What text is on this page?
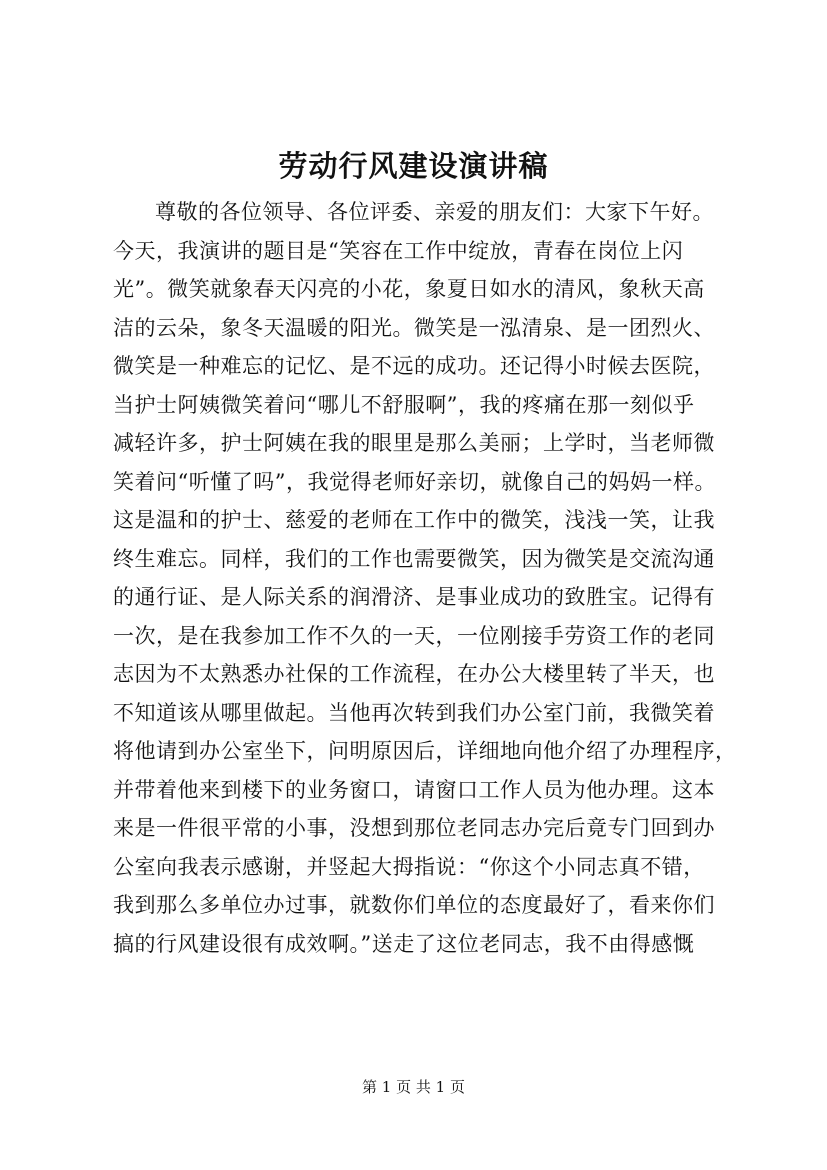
劳动行风建设演讲稿
尊敬的各位领导、各位评委、亲爱的朋友们：大家下午好。
今天，我演讲的题目是“笑容在工作中绽放，青春在岗位上闪
光”。微笑就象春天闪亮的小花，象夏日如水的清风，象秋天高
洁的云朵，象冬天温暖的阳光。微笑是一泓清泉、是一团烈火、
微笑是一种难忘的记忆、是不远的成功。还记得小时候去医院，
当护士阿姨微笑着问“哪儿不舒服啊”，我的疼痛在那一刻似乎
减轻许多，护士阿姨在我的眼里是那么美丽；上学时，当老师微
笑着问“听懂了吗”，我觉得老师好亲切，就像自己的妈妈一样。
这是温和的护士、慈爱的老师在工作中的微笑，浅浅一笑，让我
终生难忘。同样，我们的工作也需要微笑，因为微笑是交流沟通
的通行证、是人际关系的润滑济、是事业成功的致胜宝。记得有
一次，是在我参加工作不久的一天，一位刚接手劳资工作的老同
志因为不太熟悉办社保的工作流程，在办公大楼里转了半天，也
不知道该从哪里做起。当他再次转到我们办公室门前，我微笑着
将他请到办公室坐下，问明原因后，详细地向他介绍了办理程序，
并带着他来到楼下的业务窗口，请窗口工作人员为他办理。这本
来是一件很平常的小事，没想到那位老同志办完后竟专门回到办
公室向我表示感谢，并竖起大拇指说：“你这个小同志真不错，
我到那么多单位办过事，就数你们单位的态度最好了，看来你们
搞的行风建设很有成效啊。”送走了这位老同志，我不由得感慨
第 1 页 共 1 页
